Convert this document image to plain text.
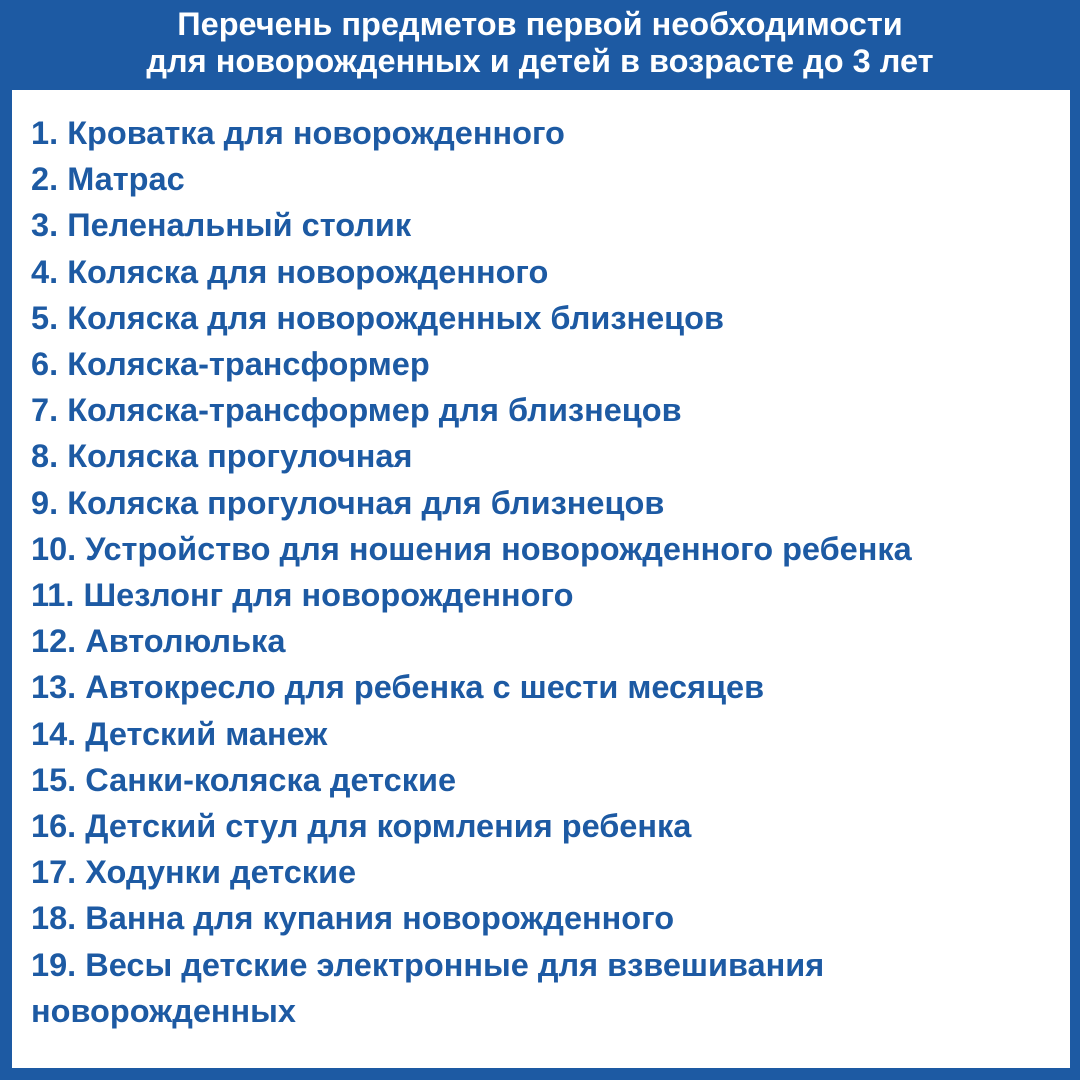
Перечень предметов первой необходимости
для новорожденных и детей в возрасте до 3 лет
1. Кроватка для новорожденного
2. Матрас
3. Пеленальный столик
4. Коляска для новорожденного
5. Коляска для новорожденных близнецов
6. Коляска-трансформер
7. Коляска-трансформер для близнецов
8. Коляска прогулочная
9. Коляска прогулочная для близнецов
10. Устройство для ношения новорожденного ребенка
11. Шезлонг для новорожденного
12. Автолюлька
13. Автокресло для ребенка с шести месяцев
14. Детский манеж
15. Санки-коляска детские
16. Детский стул для кормления ребенка
17. Ходунки детские
18. Ванна для купания новорожденного
19. Весы детские электронные для взвешивания новорожденных
